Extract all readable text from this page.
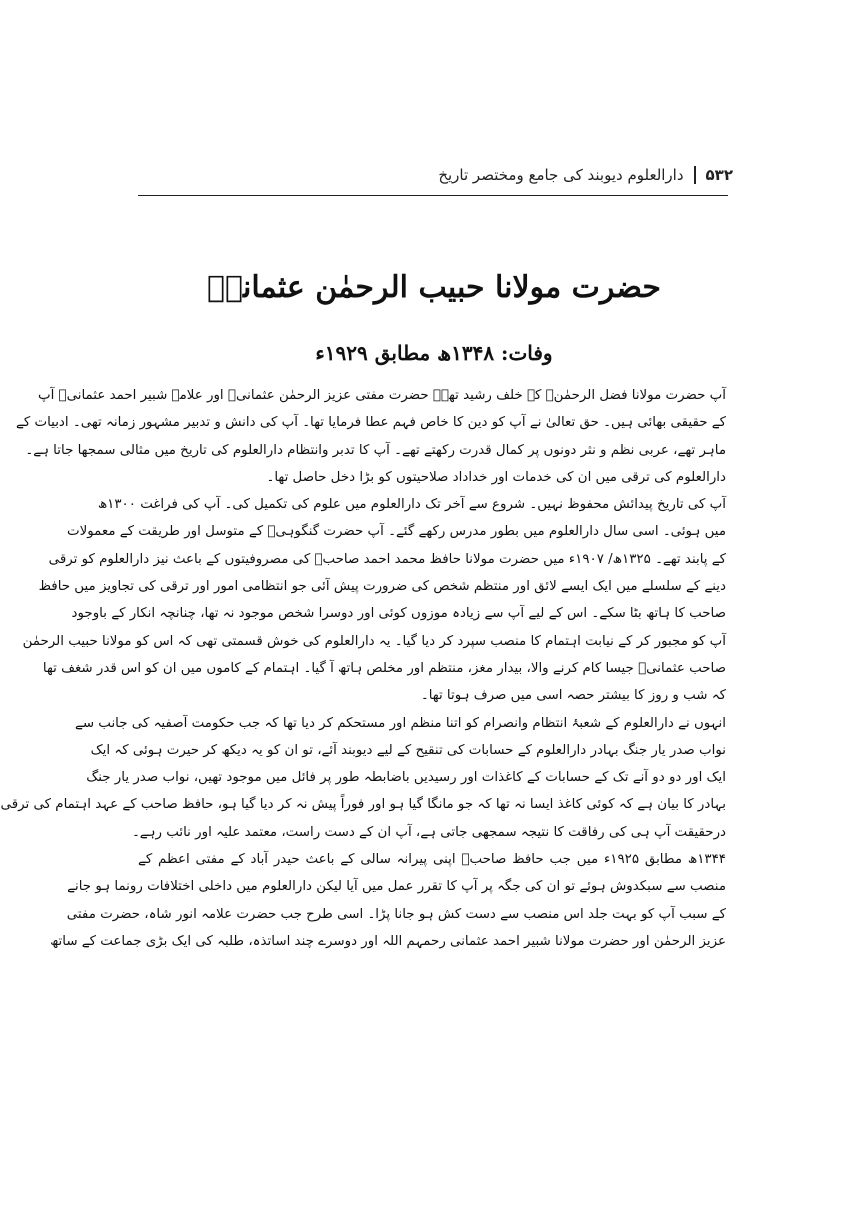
۵۳۲
دارالعلوم دیوبند کی جامع ومختصر تاریخ
حضرت مولانا حبیب الرحمٰن عثمانیؒ
وفات: ۱۳۴۸ھ مطابق ۱۹۲۹ء
آپ حضرت مولانا فضل الرحمٰنؒ کے خلف رشید تھے۔ حضرت مفتی عزیز الرحمٰن عثمانیؒ اور علامہ شبیر احمد عثمانیؒ آپ
کے حقیقی بھائی ہیں۔ حق تعالیٰ نے آپ کو دین کا خاص فہم عطا فرمایا تھا۔ آپ کی دانش و تدبیر مشہور زمانہ تھی۔ ادبیات کے
ماہر تھے، عربی نظم و نثر دونوں پر کمال قدرت رکھتے تھے۔ آپ کا تدبر وانتظام دارالعلوم کی تاریخ میں مثالی سمجھا جاتا ہے۔
دارالعلوم کی ترقی میں ان کی خدمات اور خداداد صلاحیتوں کو بڑا دخل حاصل تھا۔
آپ کی تاریخ پیدائش محفوظ نہیں۔ شروع سے آخر تک دارالعلوم میں علوم کی تکمیل کی۔ آپ کی فراغت ۱۳۰۰ھ
میں ہوئی۔ اسی سال دارالعلوم میں بطور مدرس رکھے گئے۔ آپ حضرت گنگوہیؒ کے متوسل اور طریقت کے معمولات
کے پابند تھے۔ ۱۳۲۵ھ/ ۱۹۰۷ء میں حضرت مولانا حافظ محمد احمد صاحبؒ کی مصروفیتوں کے باعث نیز دارالعلوم کو ترقی
دینے کے سلسلے میں ایک ایسے لائق اور منتظم شخص کی ضرورت پیش آئی جو انتظامی امور اور ترقی کی تجاویز میں حافظ
صاحب کا ہاتھ بٹا سکے۔ اس کے لیے آپ سے زیادہ موزوں کوئی اور دوسرا شخص موجود نہ تھا، چنانچہ انکار کے باوجود
آپ کو مجبور کر کے نیابت اہتمام کا منصب سپرد کر دیا گیا۔ یہ دارالعلوم کی خوش قسمتی تھی کہ اس کو مولانا حبیب الرحمٰن
صاحب عثمانیؒ جیسا کام کرنے والا، بیدار مغز، منتظم اور مخلص ہاتھ آ گیا۔ اہتمام کے کاموں میں ان کو اس قدر شغف تھا
کہ شب و روز کا بیشتر حصہ اسی میں صرف ہوتا تھا۔
انہوں نے دارالعلوم کے شعبۂ انتظام وانصرام کو اتنا منظم اور مستحکم کر دیا تھا کہ جب حکومت آصفیہ کی جانب سے
نواب صدر یار جنگ بہادر دارالعلوم کے حسابات کی تنقیح کے لیے دیوبند آئے، تو ان کو یہ دیکھ کر حیرت ہوئی کہ ایک
ایک اور دو دو آنے تک کے حسابات کے کاغذات اور رسیدیں باضابطہ طور پر فائل میں موجود تھیں، نواب صدر یار جنگ
بہادر کا بیان ہے کہ کوئی کاغذ ایسا نہ تھا کہ جو مانگا گیا ہو اور فوراً پیش نہ کر دیا گیا ہو، حافظ صاحب کے عہد اہتمام کی ترقی
درحقیقت آپ ہی کی رفاقت کا نتیجہ سمجھی جاتی ہے، آپ ان کے دست راست، معتمد علیہ اور نائب رہے۔
۱۳۴۴ھ مطابق ۱۹۲۵ء میں جب حافظ صاحبؒ اپنی پیرانہ سالی کے باعث حیدر آباد کے مفتی اعظم کے
منصب سے سبکدوش ہوئے تو ان کی جگہ پر آپ کا تقرر عمل میں آیا لیکن دارالعلوم میں داخلی اختلافات رونما ہو جانے
کے سبب آپ کو بہت جلد اس منصب سے دست کش ہو جانا پڑا۔ اسی طرح جب حضرت علامہ انور شاہ، حضرت مفتی
عزیز الرحمٰن اور حضرت مولانا شبیر احمد عثمانی رحمہم اللہ اور دوسرے چند اساتذہ، طلبہ کی ایک بڑی جماعت کے ساتھ
